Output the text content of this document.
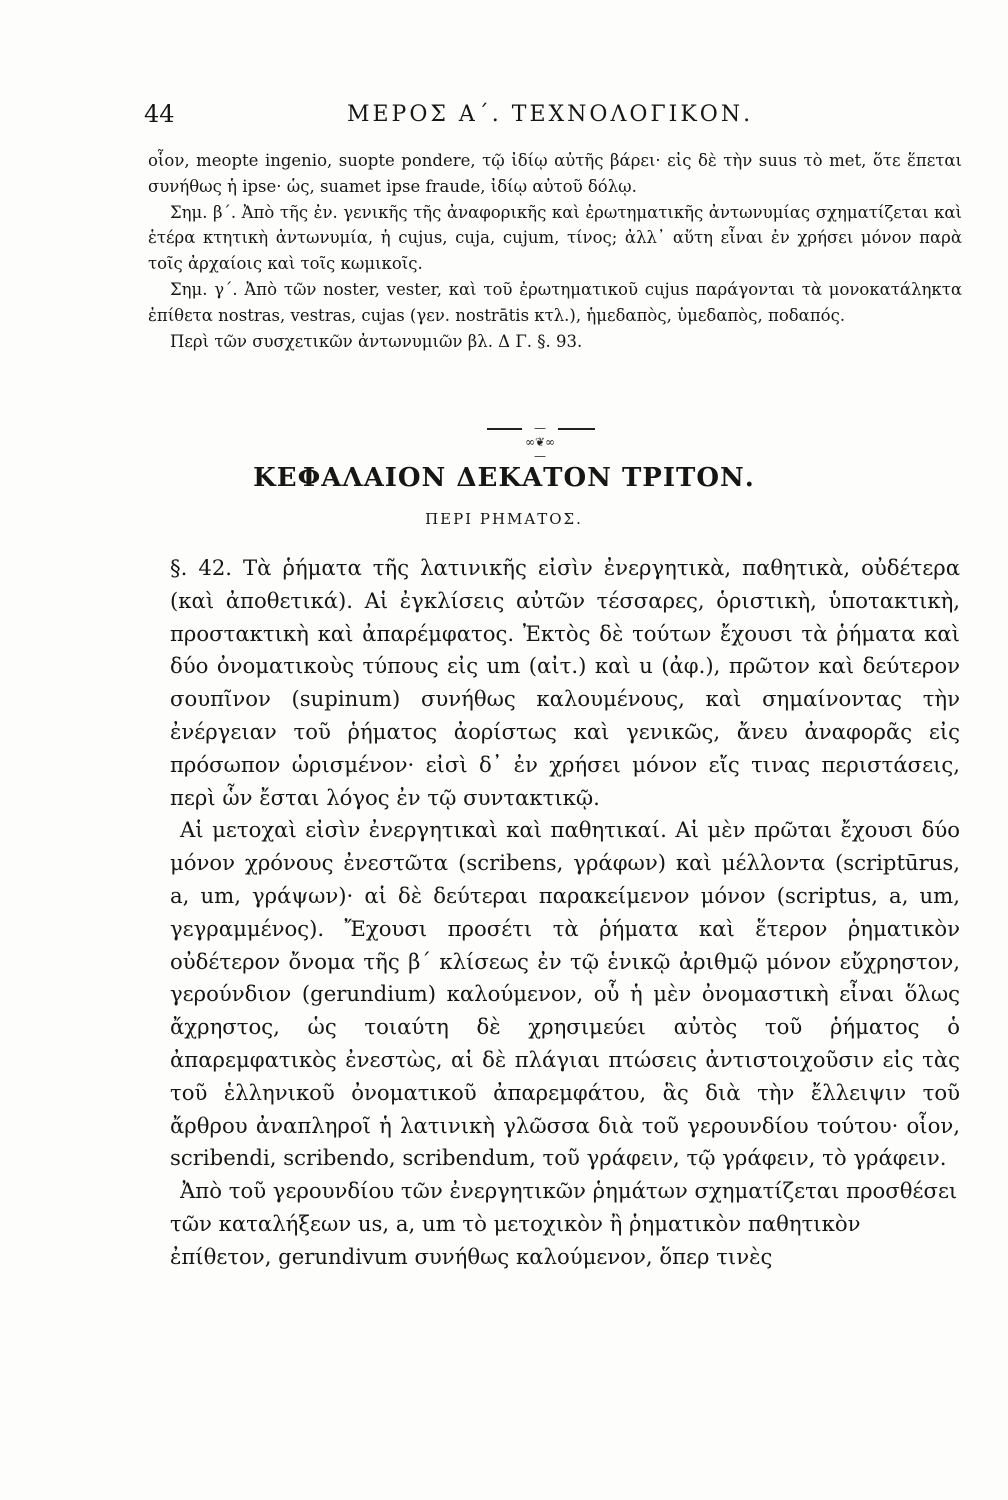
44	ΜΕΡΟΣ Α΄. ΤΕΧΝΟΛΟΓΙΚΟΝ.

οἷον, meopte ingenio, suopte pondere, τῷ ἰδίῳ αὐτῆς βάρει· εἰς δὲ τὴν suus τὸ met, ὅτε ἕπεται συνήθως ἡ ipse· ὡς, suamet ipse fraude, ἰδίῳ αὐτοῦ δόλῳ.

Σημ. β΄. Ἀπὸ τῆς ἐν. γενικῆς τῆς ἀναφορικῆς καὶ ἐρωτηματικῆς ἀντωνυμίας σχηματίζεται καὶ ἑτέρα κτητικὴ ἀντωνυμία, ἡ cujus, cuja, cujum, τίνος; ἀλλ᾽ αὕτη εἶναι ἐν χρήσει μόνον παρὰ τοῖς ἀρχαίοις καὶ τοῖς κωμικοῖς.

Σημ. γ΄. Ἀπὸ τῶν noster, vester, καὶ τοῦ ἐρωτηματικοῦ cujus παράγονται τὰ μονοκατάληκτα ἐπίθετα nostras, vestras, cujas (γεν. nostrātis κτλ.), ἡμεδαπὸς, ὑμεδαπὸς, ποδαπός.

Περὶ τῶν συσχετικῶν ἀντωνυμιῶν βλ. Δ Γ. §. 93.

—∞❦∞—
ΚΕΦΑΛΑΙΟΝ ΔΕΚΑΤΟΝ ΤΡΙΤΟΝ.
ΠΕΡΙ ΡΗΜΑΤΟΣ.

§. 42. Τὰ ῥήματα τῆς λατινικῆς εἰσὶν ἐνεργητικὰ, παθητικὰ, οὐδέτερα (καὶ ἀποθετικά). Αἱ ἐγκλίσεις αὐτῶν τέσσαρες, ὁριστικὴ, ὑποτακτικὴ, προστακτικὴ καὶ ἀπαρέμφατος. Ἐκτὸς δὲ τούτων ἔχουσι τὰ ῥήματα καὶ δύο ὀνοματικοὺς τύπους εἰς um (αἰτ.) καὶ u (ἀφ.), πρῶτον καὶ δεύτερον σουπῖνον (supinum) συνήθως καλουμένους, καὶ σημαίνοντας τὴν ἐνέργειαν τοῦ ῥήματος ἀορίστως καὶ γενικῶς, ἄνευ ἀναφορᾶς εἰς πρόσωπον ὡρισμένον· εἰσὶ δ᾽ ἐν χρήσει μόνον εἴς τινας περιστάσεις, περὶ ὧν ἔσται λόγος ἐν τῷ συντακτικῷ.

Αἱ μετοχαὶ εἰσὶν ἐνεργητικαὶ καὶ παθητικαί. Αἱ μὲν πρῶται ἔχουσι δύο μόνον χρόνους ἐνεστῶτα (scribens, γράφων) καὶ μέλλοντα (scriptūrus, a, um, γράψων)· αἱ δὲ δεύτεραι παρακείμενον μόνον (scriptus, a, um, γεγραμμένος). Ἔχουσι προσέτι τὰ ῥήματα καὶ ἕτερον ῥηματικὸν οὐδέτερον ὄνομα τῆς β΄ κλίσεως ἐν τῷ ἑνικῷ ἀριθμῷ μόνον εὔχρηστον, γερούνδιον (gerundium) καλούμενον, οὗ ἡ μὲν ὀνομαστικὴ εἶναι ὅλως ἄχρηστος, ὡς τοιαύτη δὲ χρησιμεύει αὐτὸς τοῦ ῥήματος ὁ ἀπαρεμφατικὸς ἐνεστὼς, αἱ δὲ πλάγιαι πτώσεις ἀντιστοιχοῦσιν εἰς τὰς τοῦ ἑλληνικοῦ ὀνοματικοῦ ἀπαρεμφάτου, ἃς διὰ τὴν ἔλλειψιν τοῦ ἄρθρου ἀναπληροῖ ἡ λατινικὴ γλῶσσα διὰ τοῦ γερουνδίου τούτου· οἷον, scribendi, scribendo, scribendum, τοῦ γράφειν, τῷ γράφειν, τὸ γράφειν.

Ἀπὸ τοῦ γερουνδίου τῶν ἐνεργητικῶν ῥημάτων σχηματίζεται προσθέσει τῶν καταλήξεων us, a, um τὸ μετοχικὸν ἢ ῥηματικὸν παθητικὸν ἐπίθετον, gerundivum συνήθως καλούμενον, ὅπερ τινὲς
